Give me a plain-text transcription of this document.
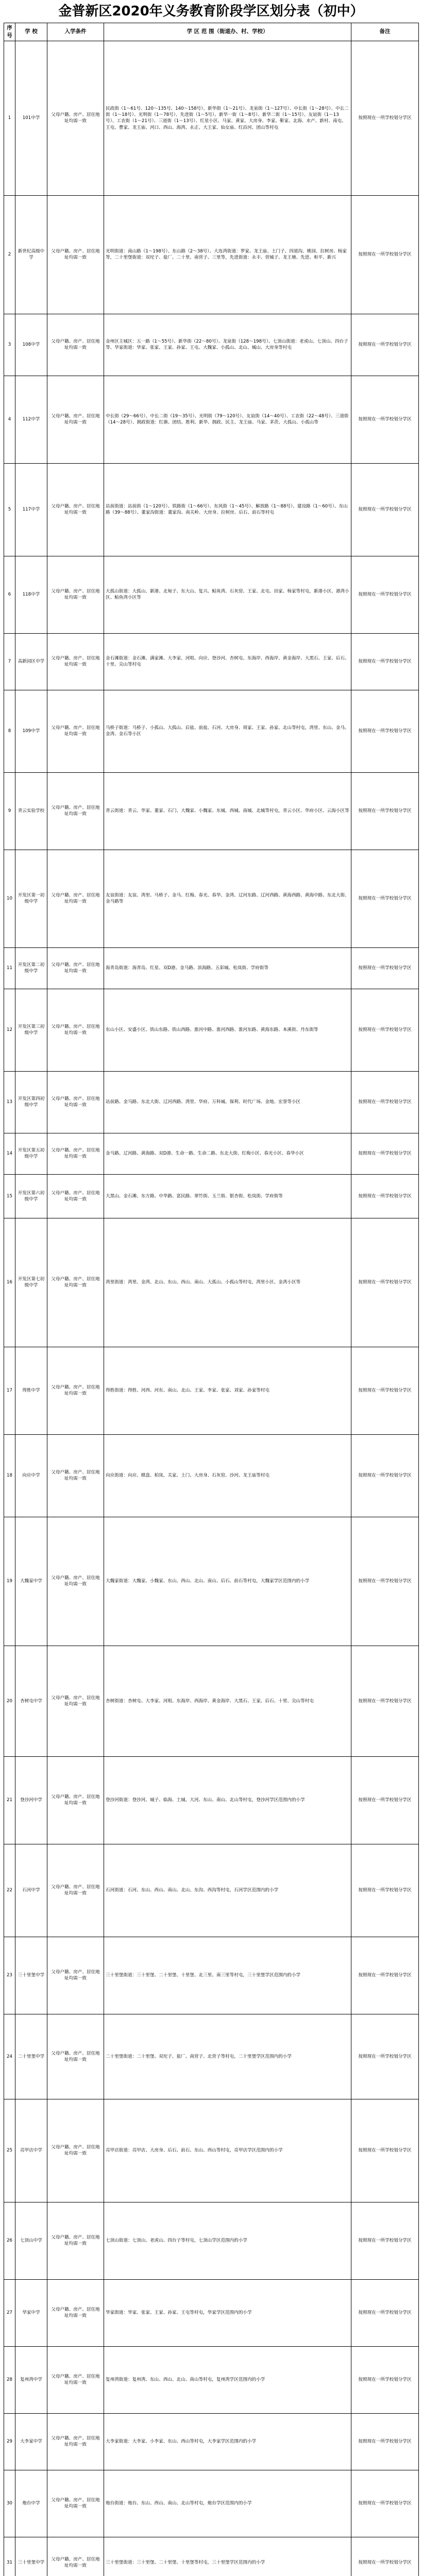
金普新区2020年义务教育阶段学区划分表（初中）
序号	学 校	入学条件	学 区 范 围（街道办、村、学校）	备注
1	101中学	父母户籍、房产、居住地址均需一致	民政街（1～61号、120～135号、140～158号）、新华街（1～21号）、龙泉街（1～127号）、中长街（1～28号）、中长二街（1～18号）、光明街（1～78号）、先进街（1～5号）、新华一街（1～8号）、新华二街（1～15号）、友谊街（1～13号）、工农街（1～21号）、三道街（1～13号）、红星小区、马家、黄家、大房身、李家、靳家、北海、水产、新村、南屯、王屯、曹家、龙王庙、河口、西山、海湾、永正、大王家、仙女庙、红沿河、团山等村屯	按照现在一所学校划分学区
2	新世纪高级中学	父母户籍、房产、居住地址均需一致	光明街道：南山路（1～198号）、东山路（2～38号）、大连湾街道：罗家、龙王庙、土门子、四道沟、桃园、拉树房、杨家等，二十里堡街道：双坨子、盐厂、二十里、南营子、三里等，先进街道：永丰、营城子、龙王塘、先进、和平、新兴	按照现在一所学校划分学区
3	108中学	父母户籍、房产、居住地址均需一致	金州区主城区：五一路（1～55号）、新华街（22～80号）、龙泉街（128～198号）、七顶山街道：老虎山、七顶山、四台子等、华家街道：华家、张家、王家、孙家、王屯、大魏家、小孤山、北山、城山、大房身等村屯	按照现在一所学校划分学区
4	112中学	父母户籍、房产、居住地址均需一致	中长街（29～66号）、中长二街（19～35号）、光明街（79～120号）、友谊街（14～40号）、工农街（22～48号）、三道街（14～28号）、拥政街道：红旗、团结、胜利、新华、拥政、民主、龙王庙、马家、茅茨、大孤山、小孤山等	按照现在一所学校划分学区
5	117中学	父母户籍、房产、居住地址均需一致	站前街道：站前街（1～120号）、铁路街（1～66号）、东风街（1～45号）、解放路（1～88号）、建设路（1～60号）、东山路（39～88号）、董家沟街道：董家沟、南关岭、大房身、拉树房、后石、前石等村屯	按照现在一所学校划分学区
6	118中学	父母户籍、房产、居住地址均需一致	大孤山街道：大孤山、新港、北甸子、东大山、复兴、鲇鱼湾、石灰窑、王家、北屯、田家、杨家等村屯，新港小区、港湾小区、鲇鱼湾小区等	按照现在一所学校划分学区
7	高新园区中学	父母户籍、房产、居住地址均需一致	金石滩街道：金石滩、满家滩、大李家、河咀、向应、登沙河、杏树屯、东海岸、西海岸、黄金海岸、大黑石、王家、后石、十里、尖山等村屯	按照现在一所学校划分学区
8	109中学	父母户籍、房产、居住地址均需一致	马桥子街道：马桥子、小孤山、大孤山、后盐、前盐、石河、大房身、周家、王家、孙家、北山等村屯，湾里、东山、金马、金湾、金石等小区	按照现在一所学校划分学区
9	青云实验学校	父母户籍、房产、居住地址均需一致	青云街道：青云、华家、董家、石门、大魏家、小魏家、东城、西城、南城、北城等村屯，青云小区、华府小区、云海小区等	按照现在一所学校划分学区
10	开发区第一初级中学	父母户籍、房产、居住地址均需一致	友谊街道：友谊、湾里、马桥子、金马、红梅、春光、春华、金湾、辽河东路、辽河西路、黄海西路、黄海中路、东北大街、金马路等	按照现在一所学校划分学区
11	开发区第二初级中学	父母户籍、房产、居住地址均需一致	海青岛街道：海青岛、红星、双D港、金马路、滨海路、五彩城、松岚街、学府街等	按照现在一所学校划分学区
12	开发区第三初级中学	父母户籍、房产、居住地址均需一致	东山小区、安盛小区、铁山东路、铁山西路、淮河中路、淮河西路、淮河东路、黄海东路、本溪街、丹东街等	按照现在一所学校划分学区
13	开发区第四初级中学	父母户籍、房产、居住地址均需一致	站前路、金马路、东北大街、辽河西路、湾里、华府、万科城、保利、时代广场、金地、宏誉等小区	按照现在一所学校划分学区
14	开发区第五初级中学	父母户籍、房产、居住地址均需一致	金马路、辽河路、黄海路、双D港、生命一路、生命二路、东北大街、红梅小区、春光小区、春华小区	按照现在一所学校划分学区
15	开发区第六初级中学	父母户籍、房产、居住地址均需一致	大黑山、金石滩、东方路、中华路、富民路、翠竹街、玉兰街、银杏街、松岚街、学府街等	按照现在一所学校划分学区
16	开发区第七初级中学	父母户籍、房产、居住地址均需一致	湾里街道：湾里、金湾、北山、东山、西山、南山、大孤山、小孤山等村屯，湾里小区、金湾小区等	按照现在一所学校划分学区
17	得胜中学	父母户籍、房产、居住地址均需一致	得胜街道：得胜、河西、河东、南山、北山、王家、李家、张家、刘家、孙家等村屯	按照现在一所学校划分学区
18	向应中学	父母户籍、房产、居住地址均需一致	向应街道：向应、棋盘、柏岚、关家、土门、大房身、石灰窑、沙河、龙王庙等村屯	按照现在一所学校划分学区
19	大魏家中学	父母户籍、房产、居住地址均需一致	大魏家街道：大魏家、小魏家、东山、西山、北山、南山、后石、前石等村屯，大魏家学区范围内的小学	按照现在一所学校划分学区
20	杏树屯中学	父母户籍、房产、居住地址均需一致	杏树街道：杏树屯、大李家、河咀、东海岸、西海岸、黄金海岸、大黑石、王家、后石、十里、尖山等村屯	按照现在一所学校划分学区
21	登沙河中学	父母户籍、房产、居住地址均需一致	登沙河街道：登沙河、城子、临海、土城、大河、东山、南山、北山等村屯，登沙河学区范围内的小学	按照现在一所学校划分学区
22	石河中学	父母户籍、房产、居住地址均需一致	石河街道：石河、东山、西山、南山、北山、东沟、西沟等村屯，石河学区范围内的小学	按照现在一所学校划分学区
23	三十里堡中学	父母户籍、房产、居住地址均需一致	三十里堡街道：三十里堡、二十里堡、十里堡、北三里、南三里等村屯，三十里堡学区范围内的小学	按照现在一所学校划分学区
24	二十里堡中学	父母户籍、房产、居住地址均需一致	二十里堡街道：二十里堡、双坨子、盐厂、南营子、北营子等村屯，二十里堡学区范围内的小学	按照现在一所学校划分学区
25	亮甲店中学	父母户籍、房产、居住地址均需一致	亮甲店街道：亮甲店、大房身、后石、前石、东山、西山等村屯，亮甲店学区范围内的小学	按照现在一所学校划分学区
26	七顶山中学	父母户籍、房产、居住地址均需一致	七顶山街道：七顶山、老虎山、四台子等村屯，七顶山学区范围内的小学	按照现在一所学校划分学区
27	华家中学	父母户籍、房产、居住地址均需一致	华家街道：华家、张家、王家、孙家、王屯等村屯，华家学区范围内的小学	按照现在一所学校划分学区
28	复州湾中学	父母户籍、房产、居住地址均需一致	复州湾街道：复州湾、东山、西山、北山、南山等村屯，复州湾学区范围内的小学	按照现在一所学校划分学区
29	大李家中学	父母户籍、房产、居住地址均需一致	大李家街道：大李家、小李家、东山、西山等村屯，大李家学区范围内的小学	按照现在一所学校划分学区
30	炮台中学	父母户籍、房产、居住地址均需一致	炮台街道：炮台、东山、西山、南山、北山等村屯，炮台学区范围内的小学	按照现在一所学校划分学区
31	三十里堡中学	父母户籍、房产、居住地址均需一致	三十里堡街道：三十里堡、二十里堡、十里堡等村屯，三十里堡学区范围内的小学	按照现在一所学校划分学区
